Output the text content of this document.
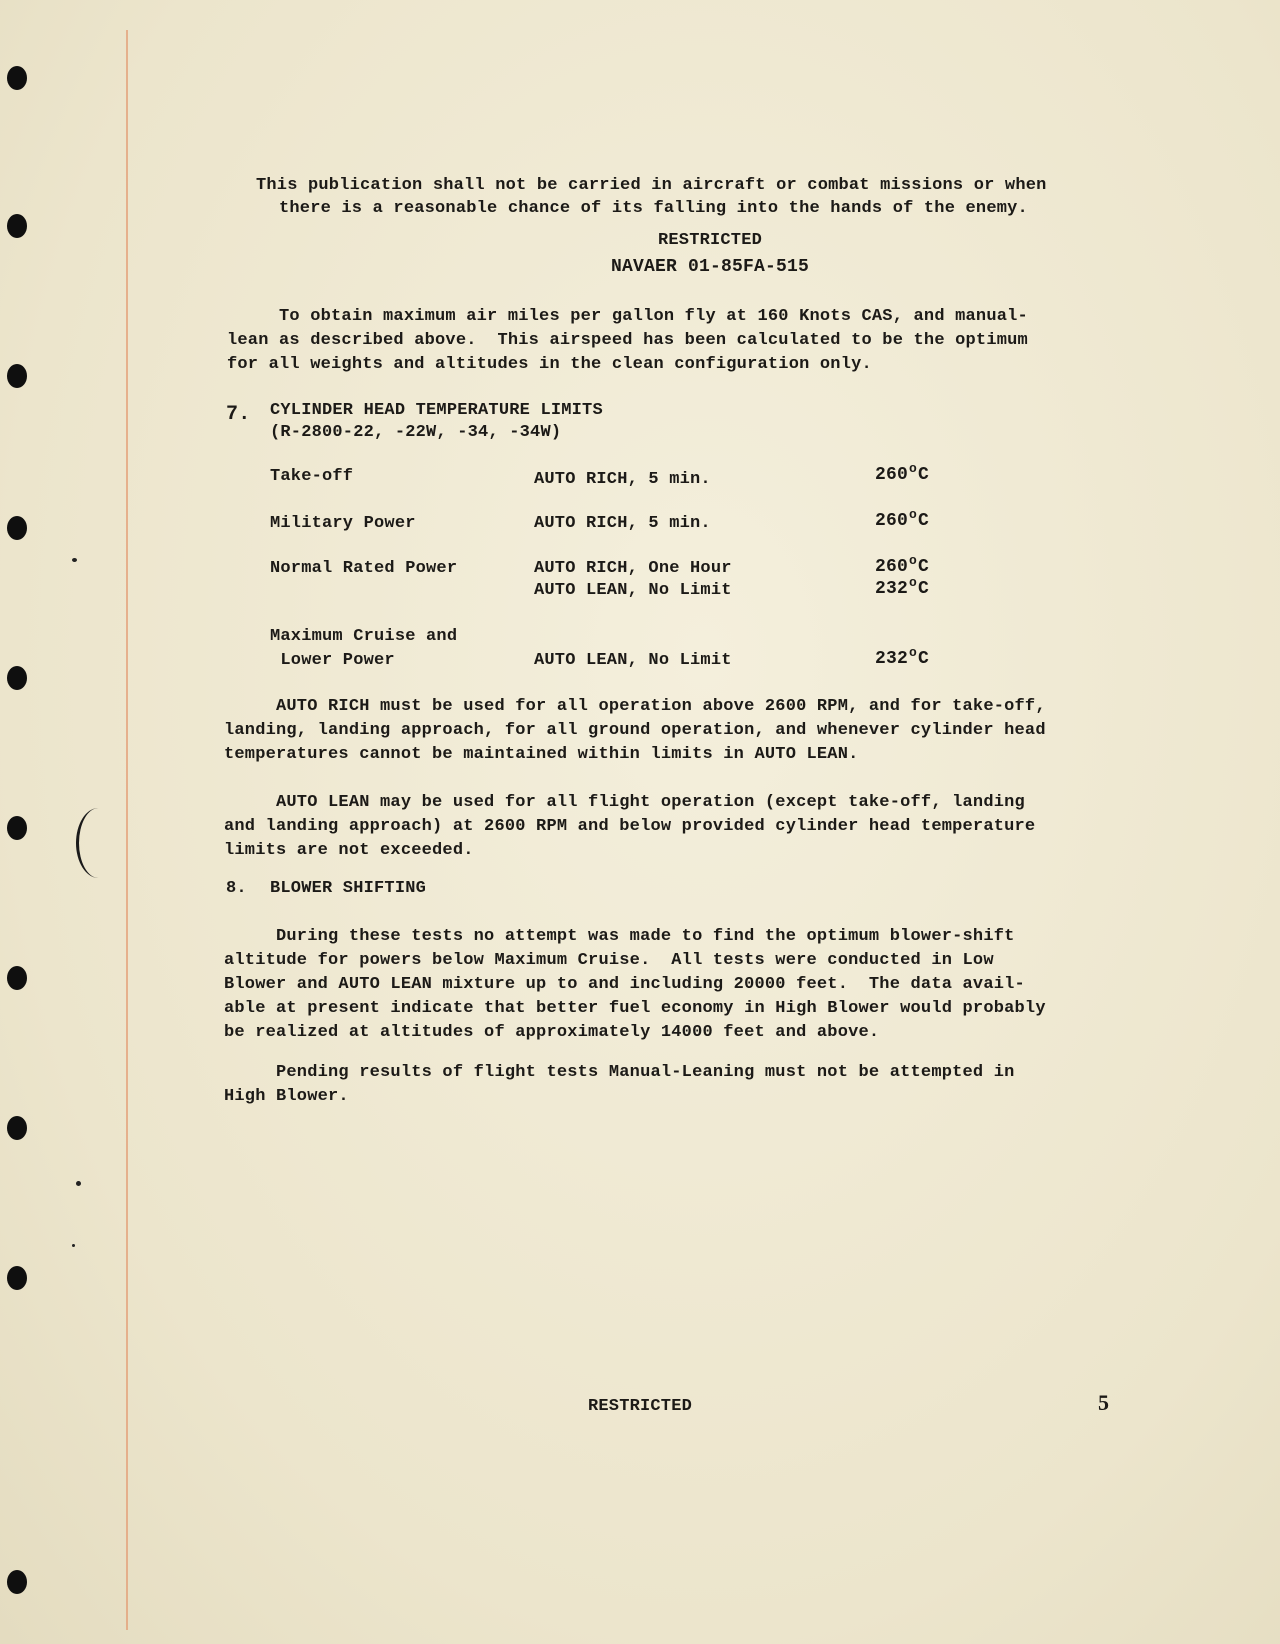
This publication shall not be carried in aircraft or combat missions or when

there is a reasonable chance of its falling into the hands of the enemy.

RESTRICTED

NAVAER 01-85FA-515

To obtain maximum air miles per gallon fly at 160 Knots CAS, and manual-

lean as described above.  This airspeed has been calculated to be the optimum

for all weights and altitudes in the clean configuration only.

7. CYLINDER HEAD TEMPERATURE LIMITS

(R-2800-22, -22W, -34, -34W)

Take-off	AUTO RICH, 5 min.	260$^o$C

Military Power	AUTO RICH, 5 min.	260$^o$C

Normal Rated Power	AUTO RICH, One Hour	260$^o$C

AUTO LEAN, No Limit	232$^o$C

Maximum Cruise and

Lower Power	AUTO LEAN, No Limit	232$^o$C

AUTO RICH must be used for all operation above 2600 RPM, and for take-off,

landing, landing approach, for all ground operation, and whenever cylinder head

temperatures cannot be maintained within limits in AUTO LEAN.

AUTO LEAN may be used for all flight operation (except take-off, landing

and landing approach) at 2600 RPM and below provided cylinder head temperature

limits are not exceeded.

8. BLOWER SHIFTING

During these tests no attempt was made to find the optimum blower-shift

altitude for powers below Maximum Cruise.  All tests were conducted in Low

Blower and AUTO LEAN mixture up to and including 20000 feet.  The data avail-

able at present indicate that better fuel economy in High Blower would probably

be realized at altitudes of approximately 14000 feet and above.

Pending results of flight tests Manual-Leaning must not be attempted in

High Blower.

RESTRICTED	5
